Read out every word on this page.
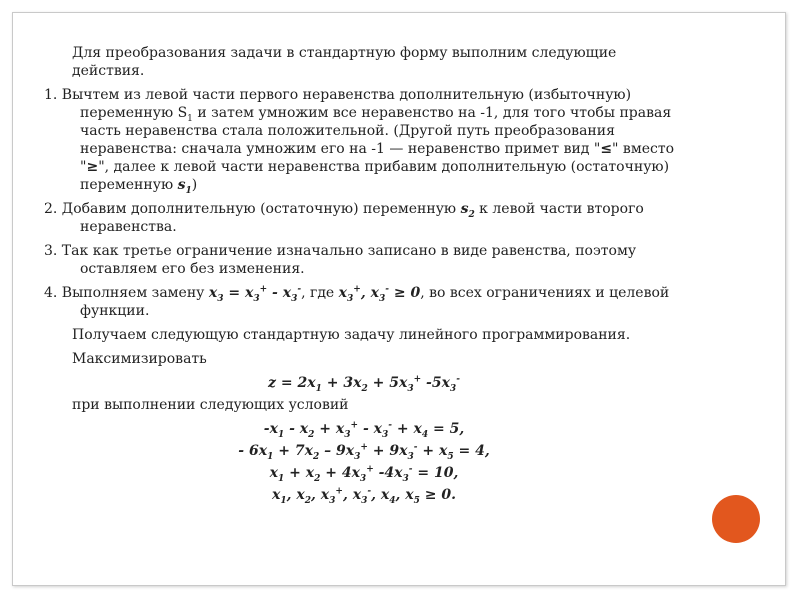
Для преобразования задачи в стандартную форму выполним следующие действия.

1. Вычтем из левой части первого неравенства дополнительную (избыточную) переменную $S_1$ и затем умножим все неравенство на -1, для того чтобы правая часть неравенства стала положительной. (Другой путь преобразования неравенства: сначала умножим его на -1 — неравенство примет вид "≤" вместо "≥", далее к левой части неравенства прибавим дополнительную (остаточную) переменную $s_1$)

2. Добавим дополнительную (остаточную) переменную $s_2$ к левой части второго неравенства.

3. Так как третье ограничение изначально записано в виде равенства, поэтому оставляем его без изменения.

4. Выполняем замену $x_3 = x_3^+ - x_3^-$, где $x_3^+$, $x_3^- \ge 0$, во всех ограничениях и целевой функции.

Получаем следующую стандартную задачу линейного программирования.

Максимизировать

$z = 2x_1 + 3x_2 + 5x_3^+$ $-5x_3^-$

при выполнении следующих условий

$-x_1 - x_2 + x_3^+ - x_3^- + x_4 = 5$,

- $6x_1 + 7x_2 - 9x_3^+ + 9x_3^- + x_5 = 4$,

$x_1 + x_2 + 4x_3^+$ $-4x_3^- = 10$,

$x_1$, $x_2$, $x_3^+$, $x_3^-$, $x_4$, $x_5 \ge 0$.
